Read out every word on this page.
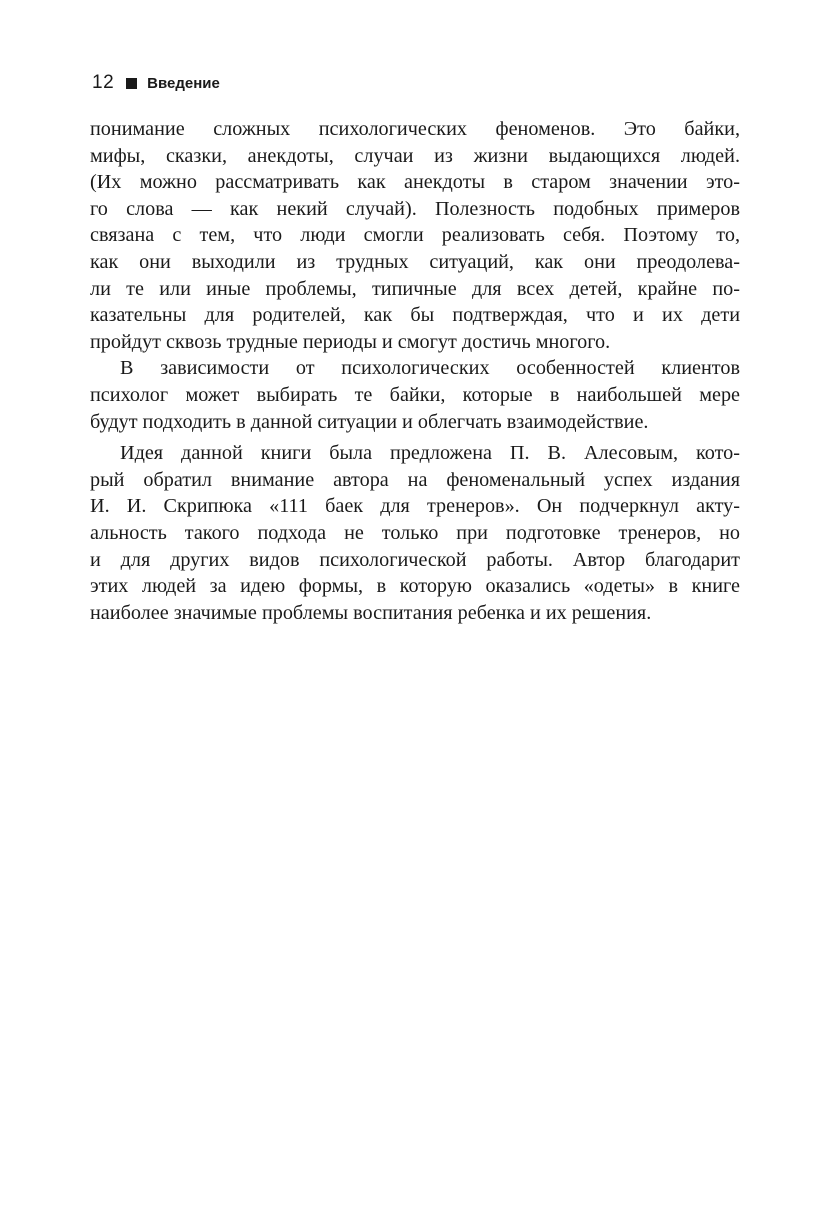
12 Введение
понимание сложных психологических феноменов. Это байки,
мифы, сказки, анекдоты, случаи из жизни выдающихся людей.
(Их можно рассматривать как анекдоты в старом значении это-
го слова — как некий случай). Полезность подобных примеров
связана с тем, что люди смогли реализовать себя. Поэтому то,
как они выходили из трудных ситуаций, как они преодолева-
ли те или иные проблемы, типичные для всех детей, крайне по-
казательны для родителей, как бы подтверждая, что и их дети
пройдут сквозь трудные периоды и смогут достичь многого.
В зависимости от психологических особенностей клиентов
психолог может выбирать те байки, которые в наибольшей мере
будут подходить в данной ситуации и облегчать взаимодействие.
Идея данной книги была предложена П. В. Алесовым, кото-
рый обратил внимание автора на феноменальный успех издания
И. И. Скрипюка «111 баек для тренеров». Он подчеркнул акту-
альность такого подхода не только при подготовке тренеров, но
и для других видов психологической работы. Автор благодарит
этих людей за идею формы, в которую оказались «одеты» в книге
наиболее значимые проблемы воспитания ребенка и их решения.
